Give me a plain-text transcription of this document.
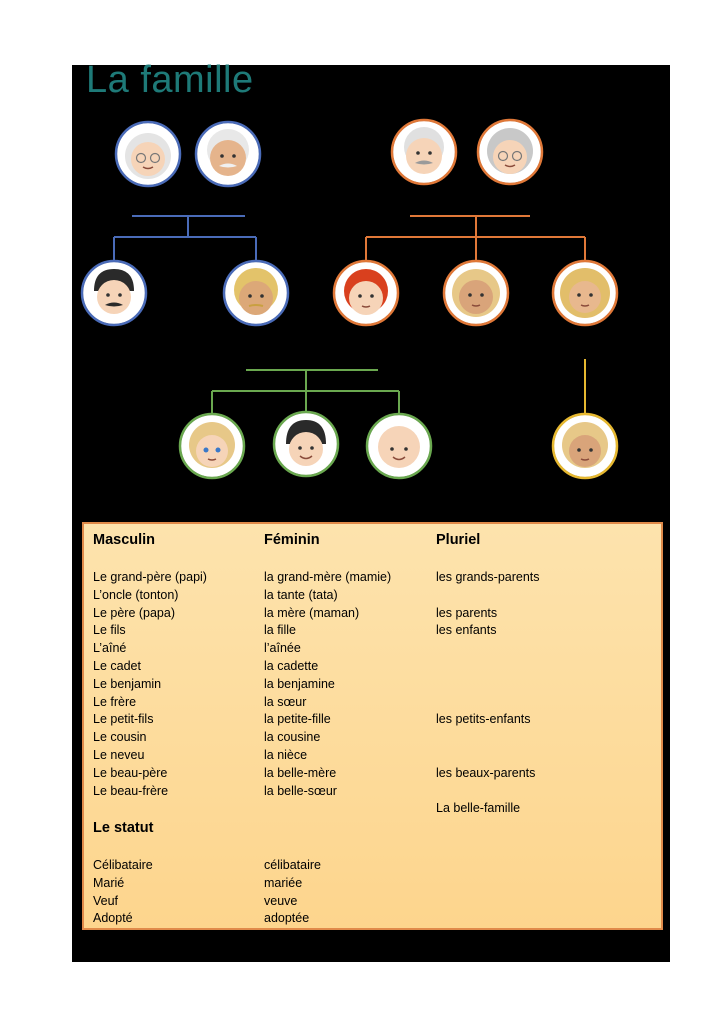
La famille
Masculin	Féminin	Pluriel
Le grand-père (papi)	la grand-mère (mamie)	les grands-parents
L’oncle (tonton)	la tante (tata)
Le père (papa)	la mère (maman)	les parents
Le fils	la fille	les enfants
L’aîné	l’aînée
Le cadet	la cadette
Le benjamin	la benjamine
Le frère	la sœur
Le petit-fils	la petite-fille	les petits-enfants
Le cousin	la cousine
Le neveu	la nièce
Le beau-père	la belle-mère	les beaux-parents
Le beau-frère	la belle-sœur
La belle-famille
Le statut
Célibataire	célibataire
Marié	mariée
Veuf	veuve
Adopté	adoptée
